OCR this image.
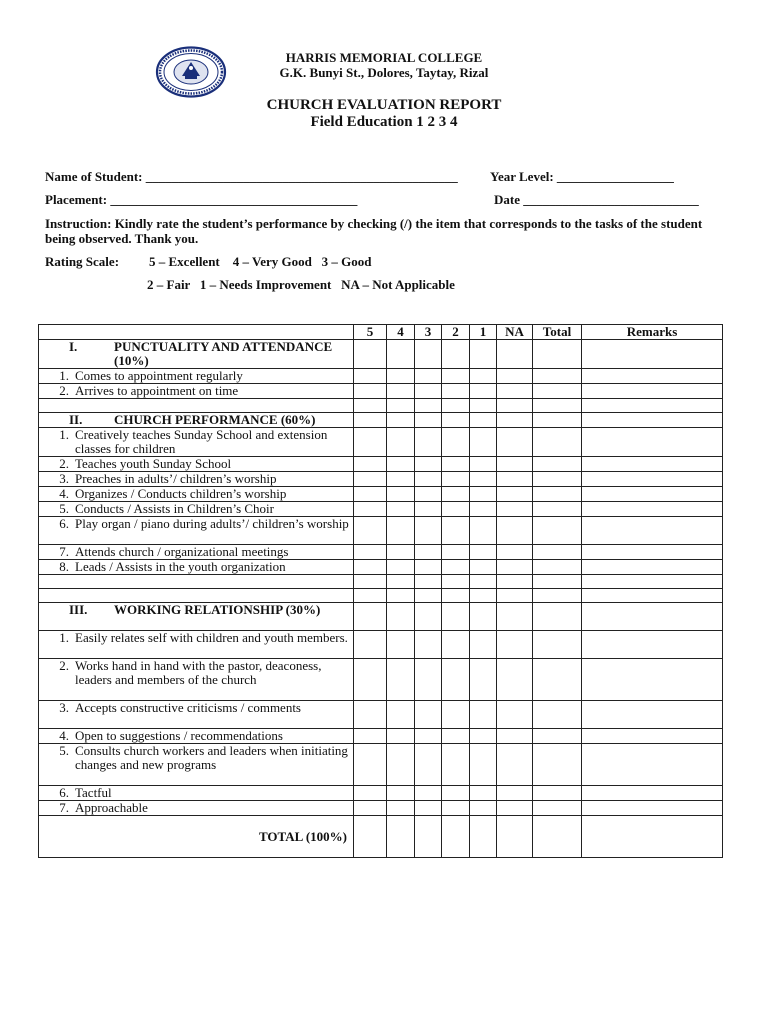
HARRIS MEMORIAL COLLEGE
G.K. Bunyi St., Dolores, Taytay, Rizal
CHURCH EVALUATION REPORT
Field Education 1 2 3 4
Name of Student: ________________________________________________ Year Level: __________________
Placement: ______________________________________	Date ___________________________
Instruction: Kindly rate the student’s performance by checking (/) the item that corresponds to the tasks of the student being observed. Thank you.
Rating Scale: 5 – Excellent    4 – Very Good   3 – Good
2 – Fair   1 – Needs Improvement   NA – Not Applicable
	5	4	3	2	1	NA	Total	Remarks

I. PUNCTUALITY AND ATTENDANCE (10%)								

1. Comes to appointment regularly								

2. Arrives to appointment on time								

II. CHURCH PERFORMANCE (60%)								

1. Creatively teaches Sunday School and extension classes for children								

2. Teaches youth Sunday School								

3. Preaches in adults’/ children’s worship								

4. Organizes / Conducts children’s worship								

5. Conducts / Assists in Children’s Choir								

6. Play organ / piano during adults’/ children’s worship								

7. Attends church / organizational meetings								

8. Leads / Assists in the youth organization								

III. WORKING RELATIONSHIP (30%)								

1. Easily relates self with children and youth members.								

2. Works hand in hand with the pastor, deaconess, leaders and members of the church								

3. Accepts constructive criticisms / comments								

4. Open to suggestions / recommendations								

5. Consults church workers and leaders when initiating changes and new programs								

6. Tactful								

7. Approachable								

TOTAL (100%)								
